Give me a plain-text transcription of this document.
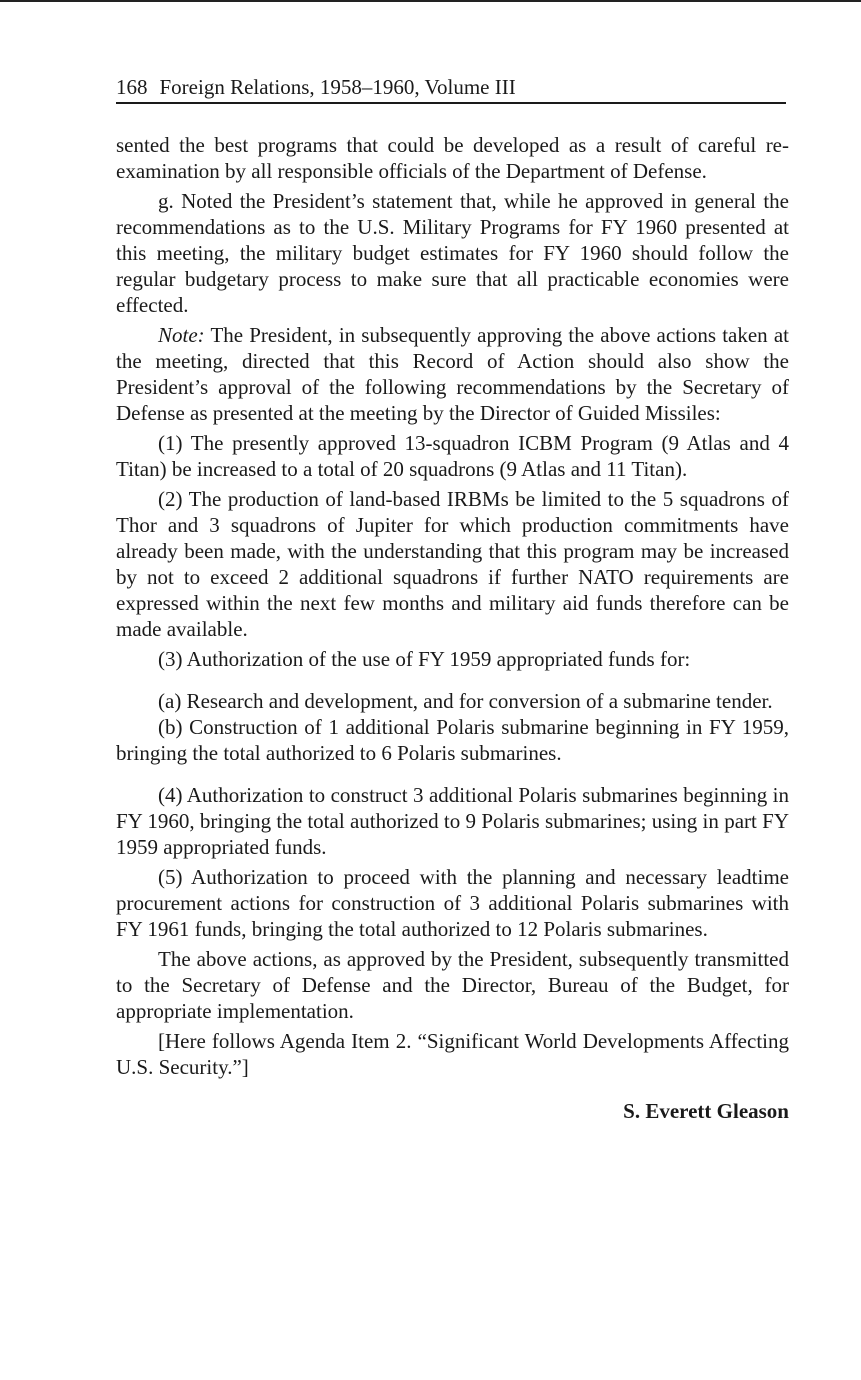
168 Foreign Relations, 1958–1960, Volume III

sented the best programs that could be developed as a result of careful re-examination by all responsible officials of the Department of Defense.

g. Noted the President’s statement that, while he approved in general the recommendations as to the U.S. Military Programs for FY 1960 presented at this meeting, the military budget estimates for FY 1960 should follow the regular budgetary process to make sure that all practicable economies were effected.

Note: The President, in subsequently approving the above actions taken at the meeting, directed that this Record of Action should also show the President’s approval of the following recommendations by the Secretary of Defense as presented at the meeting by the Director of Guided Missiles:

(1) The presently approved 13-squadron ICBM Program (9 Atlas and 4 Titan) be increased to a total of 20 squadrons (9 Atlas and 11 Titan).

(2) The production of land-based IRBMs be limited to the 5 squadrons of Thor and 3 squadrons of Jupiter for which production commitments have already been made, with the understanding that this program may be increased by not to exceed 2 additional squadrons if further NATO requirements are expressed within the next few months and military aid funds therefore can be made available.

(3) Authorization of the use of FY 1959 appropriated funds for:

(a) Research and development, and for conversion of a submarine tender.

(b) Construction of 1 additional Polaris submarine beginning in FY 1959, bringing the total authorized to 6 Polaris submarines.

(4) Authorization to construct 3 additional Polaris submarines beginning in FY 1960, bringing the total authorized to 9 Polaris submarines; using in part FY 1959 appropriated funds.

(5) Authorization to proceed with the planning and necessary leadtime procurement actions for construction of 3 additional Polaris submarines with FY 1961 funds, bringing the total authorized to 12 Polaris submarines.

The above actions, as approved by the President, subsequently transmitted to the Secretary of Defense and the Director, Bureau of the Budget, for appropriate implementation.

[Here follows Agenda Item 2. “Significant World Developments Affecting U.S. Security.”]

S. Everett Gleason
